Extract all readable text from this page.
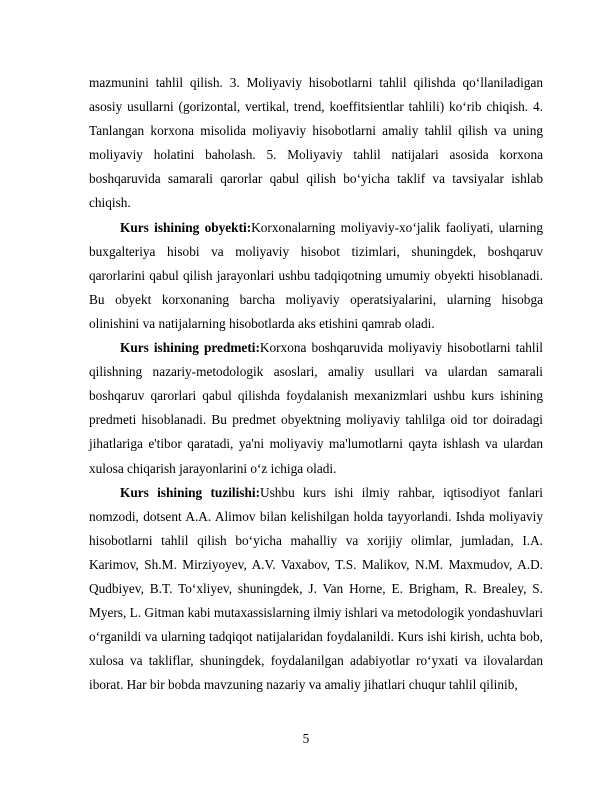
mazmunini tahlil qilish. 3. Moliyaviy hisobotlarni tahlil qilishda qoʻllaniladigan asosiy usullarni (gorizontal, vertikal, trend, koeffitsientlar tahlili) koʻrib chiqish. 4. Tanlangan korxona misolida moliyaviy hisobotlarni amaliy tahlil qilish va uning moliyaviy holatini baholash. 5. Moliyaviy tahlil natijalari asosida korxona boshqaruvida samarali qarorlar qabul qilish boʻyicha taklif va tavsiyalar ishlab chiqish.

Kurs ishining obyekti:Korxonalarning moliyaviy-xoʻjalik faoliyati, ularning buxgalteriya hisobi va moliyaviy hisobot tizimlari, shuningdek, boshqaruv qarorlarini qabul qilish jarayonlari ushbu tadqiqotning umumiy obyekti hisoblanadi. Bu obyekt korxonaning barcha moliyaviy operatsiyalarini, ularning hisobga olinishini va natijalarning hisobotlarda aks etishini qamrab oladi.

Kurs ishining predmeti:Korxona boshqaruvida moliyaviy hisobotlarni tahlil qilishning nazariy-metodologik asoslari, amaliy usullari va ulardan samarali boshqaruv qarorlari qabul qilishda foydalanish mexanizmlari ushbu kurs ishining predmeti hisoblanadi. Bu predmet obyektning moliyaviy tahlilga oid tor doiradagi jihatlariga e'tibor qaratadi, ya'ni moliyaviy ma'lumotlarni qayta ishlash va ulardan xulosa chiqarish jarayonlarini oʻz ichiga oladi.

Kurs ishining tuzilishi:Ushbu kurs ishi ilmiy rahbar, iqtisodiyot fanlari nomzodi, dotsent A.A. Alimov bilan kelishilgan holda tayyorlandi. Ishda moliyaviy hisobotlarni tahlil qilish boʻyicha mahalliy va xorijiy olimlar, jumladan, I.A. Karimov, Sh.M. Mirziyoyev, A.V. Vaxabov, T.S. Malikov, N.M. Maxmudov, A.D. Qudbiyev, B.T. Toʻxliyev, shuningdek, J. Van Horne, E. Brigham, R. Brealey, S. Myers, L. Gitman kabi mutaxassislarning ilmiy ishlari va metodologik yondashuvlari oʻrganildi va ularning tadqiqot natijalaridan foydalanildi. Kurs ishi kirish, uchta bob, xulosa va takliflar, shuningdek, foydalanilgan adabiyotlar roʻyxati va ilovalardan iborat. Har bir bobda mavzuning nazariy va amaliy jihatlari chuqur tahlil qilinib,

5
